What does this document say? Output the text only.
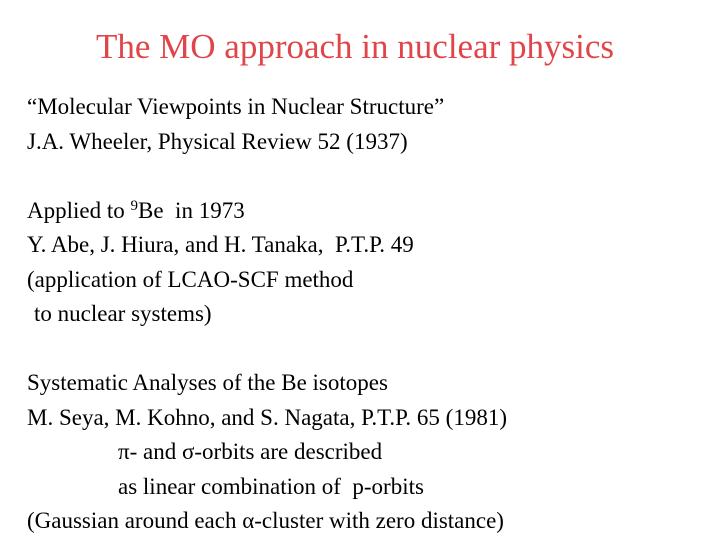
The MO approach in nuclear physics
“Molecular Viewpoints in Nuclear Structure”
J.A. Wheeler, Physical Review 52 (1937)
Applied to $^9$Be  in 1973
Y. Abe, J. Hiura, and H. Tanaka,  P.T.P. 49
(application of LCAO-SCF method
to nuclear systems)
Systematic Analyses of the Be isotopes
M. Seya, M. Kohno, and S. Nagata, P.T.P. 65 (1981)
π- and σ-orbits are described
as linear combination of  p-orbits
(Gaussian around each α-cluster with zero distance)
